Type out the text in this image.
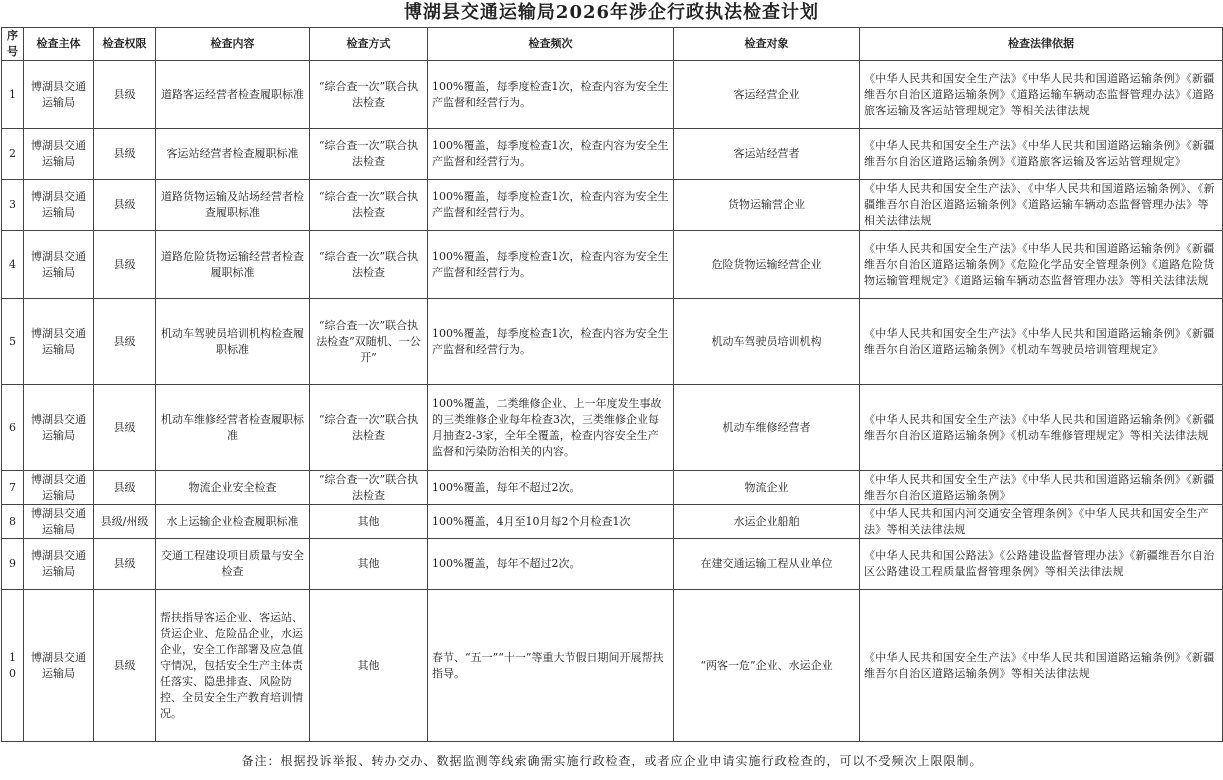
博湖县交通运输局2026年涉企行政执法检查计划
序号	检查主体	检查权限	检查内容	检查方式	检查频次	检查对象	检查法律依据
1	博湖县交通运输局	县级	道路客运经营者检查履职标准	“综合查一次”联合执法检查	100%覆盖，每季度检查1次，检查内容为安全生产监督和经营行为。	客运经营企业	《中华人民共和国安全生产法》《中华人民共和国道路运输条例》《新疆维吾尔自治区道路运输条例》《道路运输车辆动态监督管理办法》《道路旅客运输及客运站管理规定》等相关法律法规
2	博湖县交通运输局	县级	客运站经营者检查履职标准	“综合查一次”联合执法检查	100%覆盖，每季度检查1次，检查内容为安全生产监督和经营行为。	客运站经营者	《中华人民共和国安全生产法》《中华人民共和国道路运输条例》《新疆维吾尔自治区道路运输条例》《道路旅客运输及客运站管理规定》
3	博湖县交通运输局	县级	道路货物运输及站场经营者检查履职标准	“综合查一次”联合执法检查	100%覆盖，每季度检查1次，检查内容为安全生产监督和经营行为。	货物运输营企业	《中华人民共和国安全生产法》、《中华人民共和国道路运输条例》、《新疆维吾尔自治区道路运输条例》《道路运输车辆动态监督管理办法》等相关法律法规
4	博湖县交通运输局	县级	道路危险货物运输经营者检查履职标准	“综合查一次”联合执法检查	100%覆盖，每季度检查1次，检查内容为安全生产监督和经营行为。	危险货物运输经营企业	《中华人民共和国安全生产法》《中华人民共和国道路运输条例》《新疆维吾尔自治区道路运输条例》《危险化学品安全管理条例》《道路危险货物运输管理规定》《道路运输车辆动态监督管理办法》等相关法律法规
5	博湖县交通运输局	县级	机动车驾驶员培训机构检查履职标准	“综合查一次”联合执法检查”双随机、一公开”	100%覆盖，每季度检查1次，检查内容为安全生产监督和经营行为。	机动车驾驶员培训机构	《中华人民共和国安全生产法》《中华人民共和国道路运输条例》《新疆维吾尔自治区道路运输条例》《机动车驾驶员培训管理规定》
6	博湖县交通运输局	县级	机动车维修经营者检查履职标准	“综合查一次”联合执法检查	100%覆盖，二类维修企业、上一年度发生事故的三类维修企业每年检查3次，三类维修企业每月抽查2-3家，全年全覆盖，检查内容安全生产监督和污染防治相关的内容。	机动车维修经营者	《中华人民共和国安全生产法》《中华人民共和国道路运输条例》《新疆维吾尔自治区道路运输条例》《机动车维修管理规定》等相关法律法规
7	博湖县交通运输局	县级	物流企业安全检查	“综合查一次”联合执法检查	100%覆盖，每年不超过2次。	物流企业	《中华人民共和国安全生产法》《中华人民共和国道路运输条例》《新疆维吾尔自治区道路运输条例》
8	博湖县交通运输局	县级/州级	水上运输企业检查履职标准	其他	100%覆盖，4月至10月每2个月检查1次	水运企业船舶	《中华人民共和国内河交通安全管理条例》《中华人民共和国安全生产法》等相关法律法规
9	博湖县交通运输局	县级	交通工程建设项目质量与安全检查	其他	100%覆盖，每年不超过2次。	在建交通运输工程从业单位	《中华人民共和国公路法》《公路建设监督管理办法》《新疆维吾尔自治区公路建设工程质量监督管理条例》等相关法律法规
10	博湖县交通运输局	县级	帮扶指导客运企业、客运站、货运企业、危险品企业，水运企业，安全工作部署及应急值守情况，包括安全生产主体责任落实、隐患排查、风险防控、全员安全生产教育培训情况。	其他	春节、“五一”“十一”等重大节假日期间开展帮扶指导。	“两客一危”企业、水运企业	《中华人民共和国安全生产法》《中华人民共和国道路运输条例》《新疆维吾尔自治区道路运输条例》等相关法律法规
备注：根据投诉举报、转办交办、数据监测等线索确需实施行政检查，或者应企业申请实施行政检查的，可以不受频次上限限制。							
